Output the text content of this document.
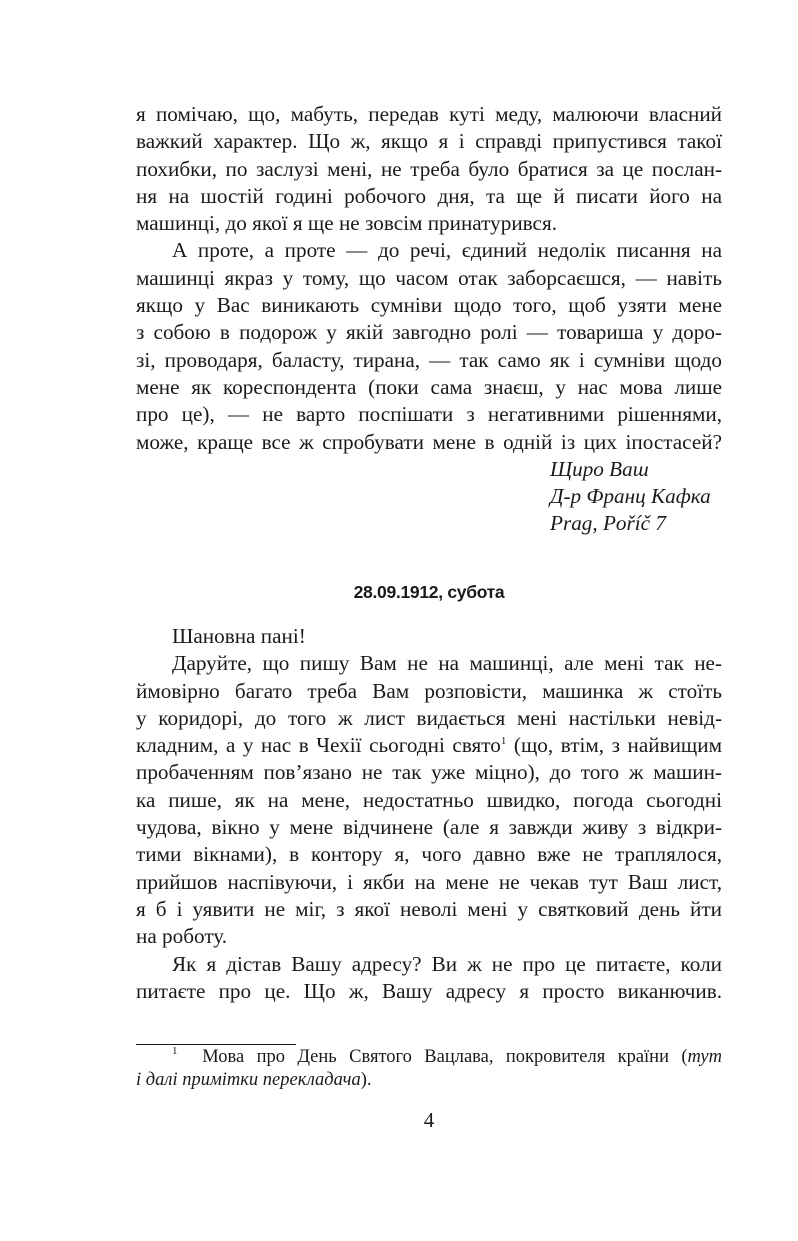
я помічаю, що, мабуть, передав куті меду, малюючи власний
важкий характер. Що ж, якщо я і справді припустився такої
похибки, по заслузі мені, не треба було братися за це послан-
ня на шостій годині робочого дня, та ще й писати його на
машинці, до якої я ще не зовсім принатурився.
А проте, а проте — до речі, єдиний недолік писання на
машинці якраз у тому, що часом отак заборсаєшся, — навіть
якщо у Вас виникають сумніви щодо того, щоб узяти мене
з собою в подорож у якій завгодно ролі — товариша у доро-
зі, проводаря, баласту, тирана, — так само як і сумніви щодо
мене як кореспондента (поки сама знаєш, у нас мова лише
про це), — не варто поспішати з негативними рішеннями,
може, краще все ж спробувати мене в одній із цих іпостасей?
Щиро Ваш
Д-р Франц Кафка
Prag, Poříč 7
28.09.1912, субота
Шановна пані!
Даруйте, що пишу Вам не на машинці, але мені так не-
ймовірно багато треба Вам розповісти, машинка ж стоїть
у коридорі, до того ж лист видається мені настільки невід-
кладним, а у нас в Чехії сьогодні свято$^1$ (що, втім, з найвищим
пробаченням пов’язано не так уже міцно), до того ж машин-
ка пише, як на мене, недостатньо швидко, погода сьогодні
чудова, вікно у мене відчинене (але я завжди живу з відкри-
тими вікнами), в контору я, чого давно вже не траплялося,
прийшов наспівуючи, і якби на мене не чекав тут Ваш лист,
я б і уявити не міг, з якої неволі мені у святковий день йти
на роботу.
Як я дістав Вашу адресу? Ви ж не про це питаєте, коли
питаєте про це. Що ж, Вашу адресу я просто виканючив.
$^1$ Мова про День Святого Вацлава, покровителя країни (тут
і далі примітки перекладача).
4
